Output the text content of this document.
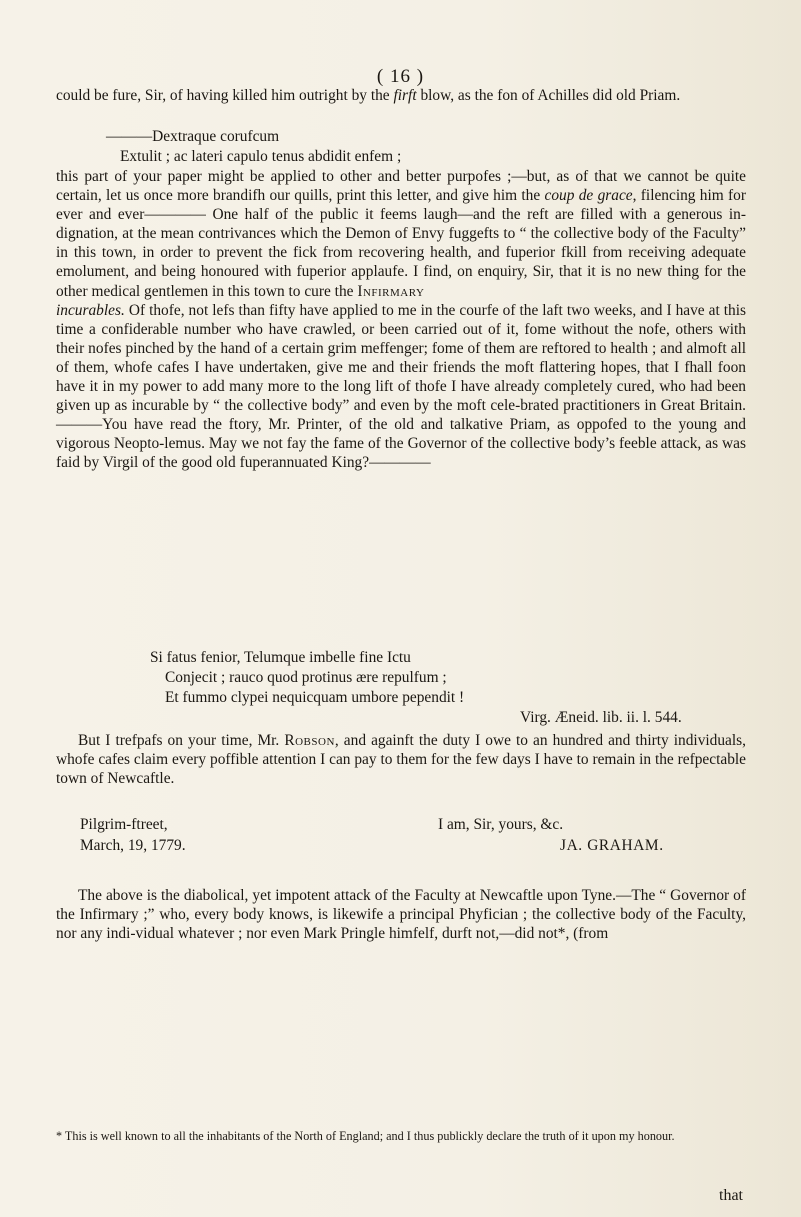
( 16 )

could be fure, Sir, of having killed him outright by the firft blow, as the fon of Achilles did old Priam.

———Dextraque corufcum
Extulit ; ac lateri capulo tenus abdidit enfem ;

this part of your paper might be applied to other and better purpofes ;—but, as of that we cannot be quite certain, let us once more brandifh our quills, print this letter, and give him the coup de grace, filencing him for ever and ever———— One half of the public it feems laugh—and the reft are filled with a generous in-dignation, at the mean contrivances which the Demon of Envy fuggefts to “ the collective body of the Faculty” in this town, in order to prevent the fick from recovering health, and fuperior fkill from receiving adequate emolument, and being honoured with fuperior applaufe. I find, on enquiry, Sir, that it is no new thing for the other medical gentlemen in this town to cure the Infirmary
incurables. Of thofe, not lefs than fifty have applied to me in the courfe of the laft two weeks, and I have at this time a confiderable number who have crawled, or been carried out of it, fome without the nofe, others with their nofes pinched by the hand of a certain grim meffenger; fome of them are reftored to health ; and almoft all of them, whofe cafes I have undertaken, give me and their friends the moft flattering hopes, that I fhall foon have it in my power to add many more to the long lift of thofe I have already completely cured, who had been given up as incurable by “ the collective body” and even by the moft cele-brated practitioners in Great Britain.———You have read the ftory, Mr. Printer, of the old and talkative Priam, as oppofed to the young and vigorous Neopto-lemus. May we not fay the fame of the Governor of the collective body’s feeble attack, as was faid by Virgil of the good old fuperannuated King?————

Si fatus fenior, Telumque imbelle fine Ictu
Conjecit ; rauco quod protinus ære repulfum ;
Et fummo clypei nequicquam umbore pependit !
Virg. Æneid. lib. ii. l. 544.

But I trefpafs on your time, Mr. Robson, and againft the duty I owe to an hundred and thirty individuals, whofe cafes claim every poffible attention I can pay to them for the few days I have to remain in the refpectable town of Newcaftle.

Pilgrim-ftreet,	I am, Sir, yours, &c.
March, 19, 1779.	JA. GRAHAM.

The above is the diabolical, yet impotent attack of the Faculty at Newcaftle upon Tyne.—The “ Governor of the Infirmary ;” who, every body knows, is likewife a principal Phyfician ; the collective body of the Faculty, nor any indi-vidual whatever ; nor even Mark Pringle himfelf, durft not,—did not*, (from

* This is well known to all the inhabitants of the North of England; and I thus publickly declare the truth of it upon my honour.
that
